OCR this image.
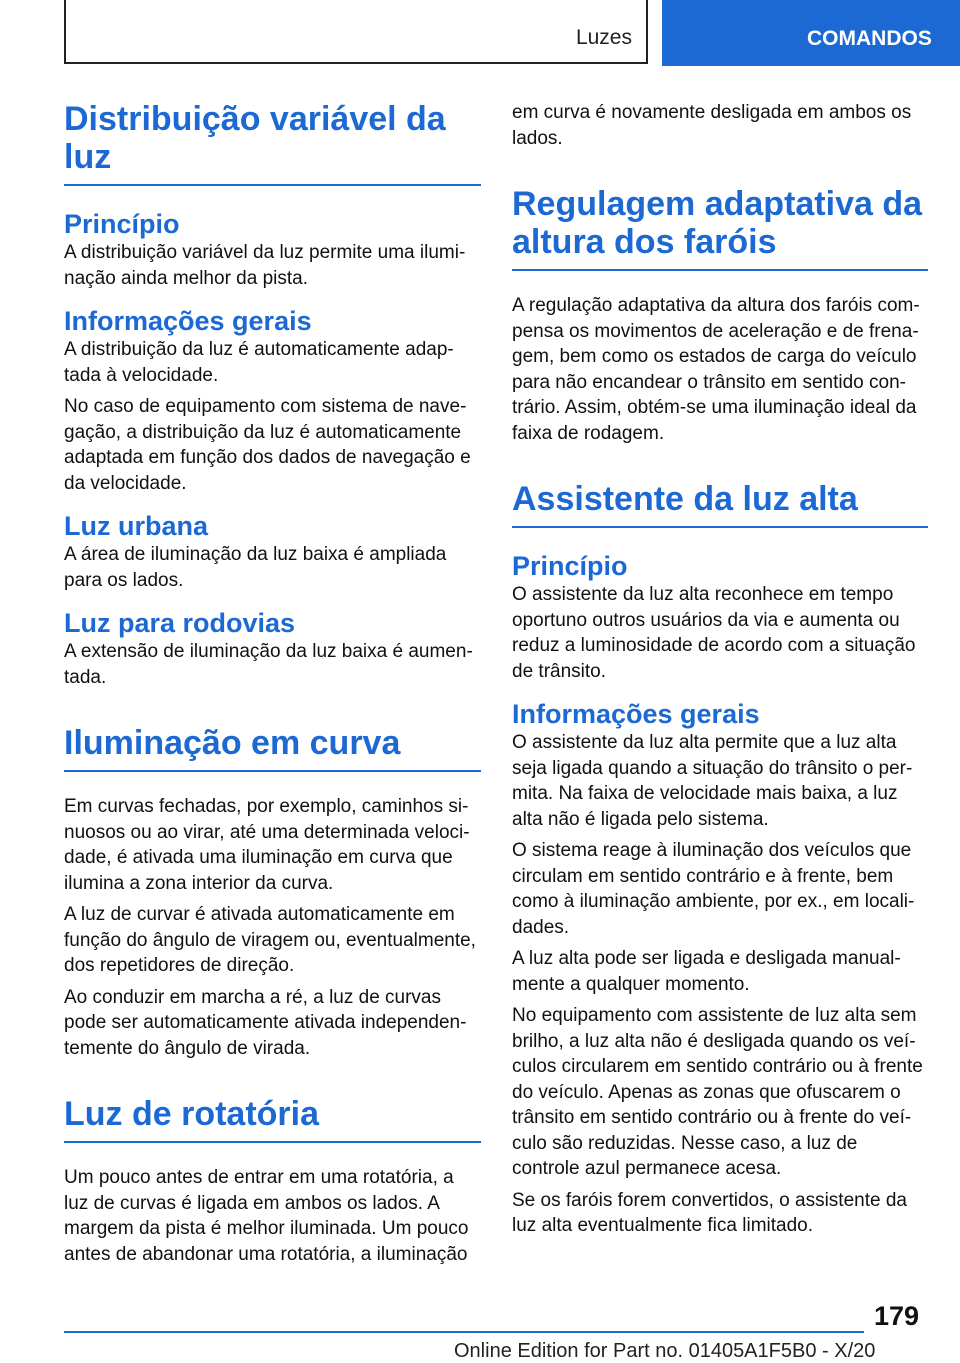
Luzes	COMANDOS
Distribuição variável da luz
Princípio

A distribuição variável da luz permite uma iluminação ainda melhor da pista.

Informações gerais

A distribuição da luz é automaticamente adaptada à velocidade.

No caso de equipamento com sistema de navegação, a distribuição da luz é automaticamente adaptada em função dos dados de navegação e da velocidade.

Luz urbana

A área de iluminação da luz baixa é ampliada para os lados.

Luz para rodovias

A extensão de iluminação da luz baixa é aumentada.

Iluminação em curva

Em curvas fechadas, por exemplo, caminhos sinuosos ou ao virar, até uma determinada velocidade, é ativada uma iluminação em curva que ilumina a zona interior da curva.

A luz de curvar é ativada automaticamente em função do ângulo de viragem ou, eventualmente, dos repetidores de direção.

Ao conduzir em marcha a ré, a luz de curvas pode ser automaticamente ativada independentemente do ângulo de virada.

Luz de rotatória

Um pouco antes de entrar em uma rotatória, a luz de curvas é ligada em ambos os lados. A margem da pista é melhor iluminada. Um pouco antes de abandonar uma rotatória, a iluminação

em curva é novamente desligada em ambos os lados.

Regulagem adaptativa da altura dos faróis

A regulação adaptativa da altura dos faróis compensa os movimentos de aceleração e de frenagem, bem como os estados de carga do veículo para não encandear o trânsito em sentido contrário. Assim, obtém-se uma iluminação ideal da faixa de rodagem.

Assistente da luz alta
Princípio

O assistente da luz alta reconhece em tempo oportuno outros usuários da via e aumenta ou reduz a luminosidade de acordo com a situação de trânsito.

Informações gerais

O assistente da luz alta permite que a luz alta seja ligada quando a situação do trânsito o permita. Na faixa de velocidade mais baixa, a luz alta não é ligada pelo sistema.

O sistema reage à iluminação dos veículos que circulam em sentido contrário e à frente, bem como à iluminação ambiente, por ex., em localidades.

A luz alta pode ser ligada e desligada manualmente a qualquer momento.

No equipamento com assistente de luz alta sem brilho, a luz alta não é desligada quando os veículos circularem em sentido contrário ou à frente do veículo. Apenas as zonas que ofuscarem o trânsito em sentido contrário ou à frente do veículo são reduzidas. Nesse caso, a luz de controle azul permanece acesa.

Se os faróis forem convertidos, o assistente da luz alta eventualmente fica limitado.

179
Online Edition for Part no. 01405A1F5B0 - X/20
